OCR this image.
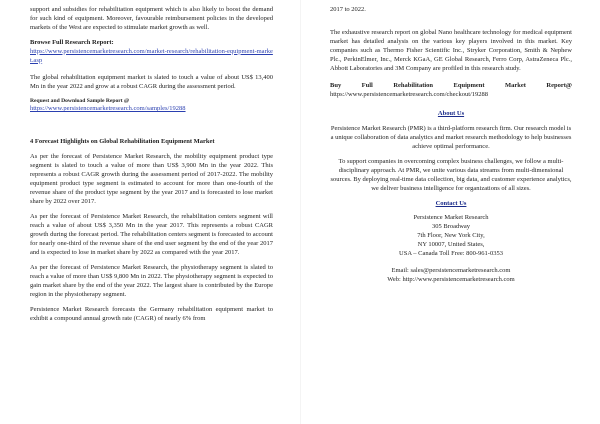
support and subsidies for rehabilitation equipment which is also likely to boost the demand for such kind of equipment. Moreover, favourable reimbursement policies in the developed markets of the West are expected to stimulate market growth as well.

Browse Full Research Report:

https://www.persistencemarketresearch.com/market-research/rehabilitation-equipment-market.asp

The global rehabilitation equipment market is slated to touch a value of about US$ 13,400 Mn in the year 2022 and grow at a robust CAGR during the assessment period.

Request and Download Sample Report @

https://www.persistencemarketresearch.com/samples/19288

4 Forecast Highlights on Global Rehabilitation Equipment Market

As per the forecast of Persistence Market Research, the mobility equipment product type segment is slated to touch a value of more than US$ 3,900 Mn in the year 2022. This represents a robust CAGR growth during the assessment period of 2017-2022. The mobility equipment product type segment is estimated to account for more than one-fourth of the revenue share of the product type segment by the year 2017 and is forecasted to lose market share by 2022 over 2017.

As per the forecast of Persistence Market Research, the rehabilitation centers segment will reach a value of about US$ 3,350 Mn in the year 2017. This represents a robust CAGR growth during the forecast period. The rehabilitation centers segment is forecasted to account for nearly one-third of the revenue share of the end user segment by the end of the year 2017 and is expected to lose in market share by 2022 as compared with the year 2017.

As per the forecast of Persistence Market Research, the physiotherapy segment is slated to reach a value of more than US$ 9,800 Mn in 2022. The physiotherapy segment is expected to gain market share by the end of the year 2022. The largest share is contributed by the Europe region in the physiotherapy segment.

Persistence Market Research forecasts the Germany rehabilitation equipment market to exhibit a compound annual growth rate (CAGR) of nearly 6% from

2017 to 2022.

The exhaustive research report on global Nano healthcare technology for medical equipment market has detailed analysis on the various key players involved in this market. Key companies such as Thermo Fisher Scientific Inc., Stryker Corporation, Smith & Nephew Plc., PerkinElmer, Inc., Merck KGaA, GE Global Research, Ferro Corp, AstraZeneca Plc., Abbott Laboratories and 3M Company are profiled in this research study.

Buy	Full	Rehabilitation	Equipment	Market	Report@

https://www.persistencemarketresearch.com/checkout/19288

About Us

Persistence Market Research (PMR) is a third-platform research firm. Our research model is a unique collaboration of data analytics and market research methodology to help businesses achieve optimal performance.

To support companies in overcoming complex business challenges, we follow a multi-disciplinary approach. At PMR, we unite various data streams from multi-dimensional sources. By deploying real-time data collection, big data, and customer experience analytics, we deliver business intelligence for organizations of all sizes.

Contact Us
Persistence Market Research
305 Broadway
7th Floor, New York City,
NY 10007, United States,
USA – Canada Toll Free: 800-961-0353
Email: sales@persistencemarketresearch.com
Web: http://www.persistencemarketresearch.com
